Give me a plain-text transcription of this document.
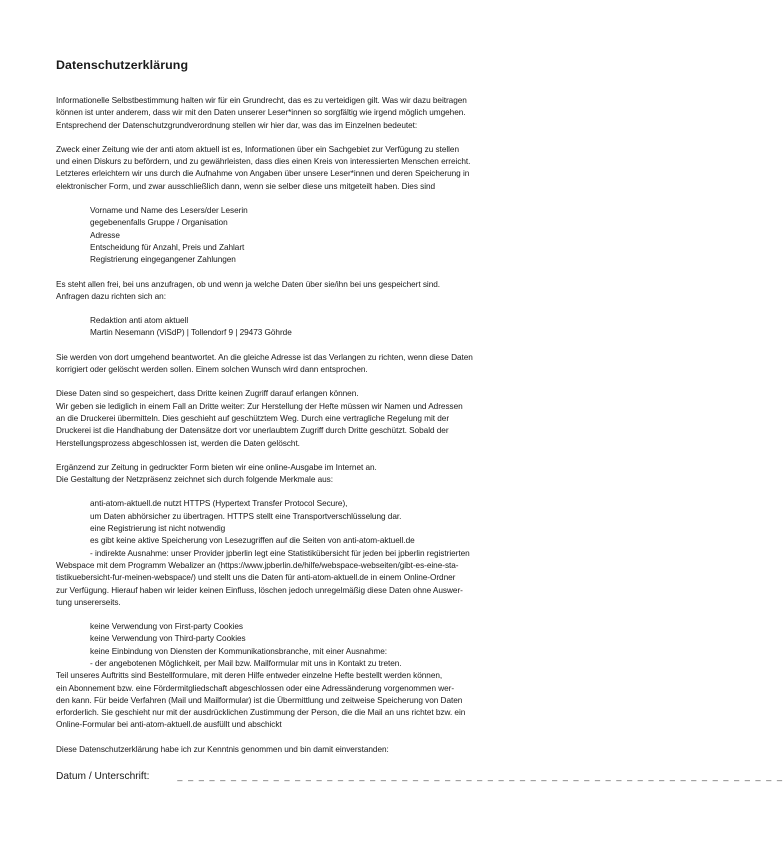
Datenschutzerklärung
Informationelle Selbstbestimmung halten wir für ein Grundrecht, das es zu verteidigen gilt. Was wir dazu beitragen
können ist unter anderem, dass wir mit den Daten unserer Leser*innen so sorgfältig wie irgend möglich umgehen.
Entsprechend der Datenschutzgrundverordnung stellen wir hier dar, was das im Einzelnen bedeutet:
Zweck einer Zeitung wie der anti atom aktuell ist es, Informationen über ein Sachgebiet zur Verfügung zu stellen
und einen Diskurs zu befördern, und zu gewährleisten, dass dies einen Kreis von interessierten Menschen erreicht.
Letzteres erleichtern wir uns durch die Aufnahme von Angaben über unsere Leser*innen und deren Speicherung in
elektronischer Form, und zwar ausschließlich dann, wenn sie selber diese uns mitgeteilt haben. Dies sind
Vorname und Name des Lesers/der Leserin
gegebenenfalls Gruppe / Organisation
Adresse
Entscheidung für Anzahl, Preis und Zahlart
Registrierung eingegangener Zahlungen
Es steht allen frei, bei uns anzufragen, ob und wenn ja welche Daten über sie/ihn bei uns gespeichert sind.
Anfragen dazu richten sich an:
Redaktion anti atom aktuell
Martin Nesemann (ViSdP) | Tollendorf 9 | 29473 Göhrde
Sie werden von dort umgehend beantwortet. An die gleiche Adresse ist das Verlangen zu richten, wenn diese Daten
korrigiert oder gelöscht werden sollen. Einem solchen Wunsch wird dann entsprochen.
Diese Daten sind so gespeichert, dass Dritte keinen Zugriff darauf erlangen können.
Wir geben sie lediglich in einem Fall an Dritte weiter: Zur Herstellung der Hefte müssen wir Namen und Adressen
an die Druckerei übermitteln. Dies geschieht auf geschütztem Weg. Durch eine vertragliche Regelung mit der
Druckerei ist die Handhabung der Datensätze dort vor unerlaubtem Zugriff durch Dritte geschützt. Sobald der
Herstellungsprozess abgeschlossen ist, werden die Daten gelöscht.
Ergänzend zur Zeitung in gedruckter Form bieten wir eine online-Ausgabe im Internet an.
Die Gestaltung der Netzpräsenz zeichnet sich durch folgende Merkmale aus:
anti-atom-aktuell.de nutzt HTTPS (Hypertext Transfer Protocol Secure),
um Daten abhörsicher zu übertragen. HTTPS stellt eine Transportverschlüsselung dar.
eine Registrierung ist nicht notwendig
es gibt keine aktive Speicherung von Lesezugriffen auf die Seiten von anti-atom-aktuell.de
- indirekte Ausnahme: unser Provider jpberlin legt eine Statistikübersicht für jeden bei jpberlin registrierten
Webspace mit dem Programm Webalizer an (https://www.jpberlin.de/hilfe/webspace-webseiten/gibt-es-eine-sta-
tistikuebersicht-fur-meinen-webspace/) und stellt uns die Daten für anti-atom-aktuell.de in einem Online-Ordner
zur Verfügung. Hierauf haben wir leider keinen Einfluss, löschen jedoch unregelmäßig diese Daten ohne Auswer-
tung unsererseits.
keine Verwendung von First-party Cookies
keine Verwendung von Third-party Cookies
keine Einbindung von Diensten der Kommunikationsbranche, mit einer Ausnahme:
- der angebotenen Möglichkeit, per Mail bzw. Mailformular mit uns in Kontakt zu treten.
Teil unseres Auftritts sind Bestellformulare, mit deren Hilfe entweder einzelne Hefte bestellt werden können,
ein Abonnement bzw. eine Fördermitgliedschaft abgeschlossen oder eine Adressänderung vorgenommen wer-
den kann. Für beide Verfahren (Mail und Mailformular) ist die Übermittlung und zeitweise Speicherung von Daten
erforderlich. Sie geschieht nur mit der ausdrücklichen Zustimmung der Person, die die Mail an uns richtet bzw. ein
Online-Formular bei anti-atom-aktuell.de ausfüllt und abschickt
Diese Datenschutzerklärung habe ich zur Kenntnis genommen und bin damit einverstanden:
Datum / Unterschrift:	_ _ _ _ _ _ _ _ _ _ _ _ _ _ _ _ _ _ _ _ _ _ _ _ _ _ _ _ _ _ _ _ _ _ _ _ _ _ _ _ _ _ _ _ _ _ _ _ _ _ _ _ _ _ _ _ _
